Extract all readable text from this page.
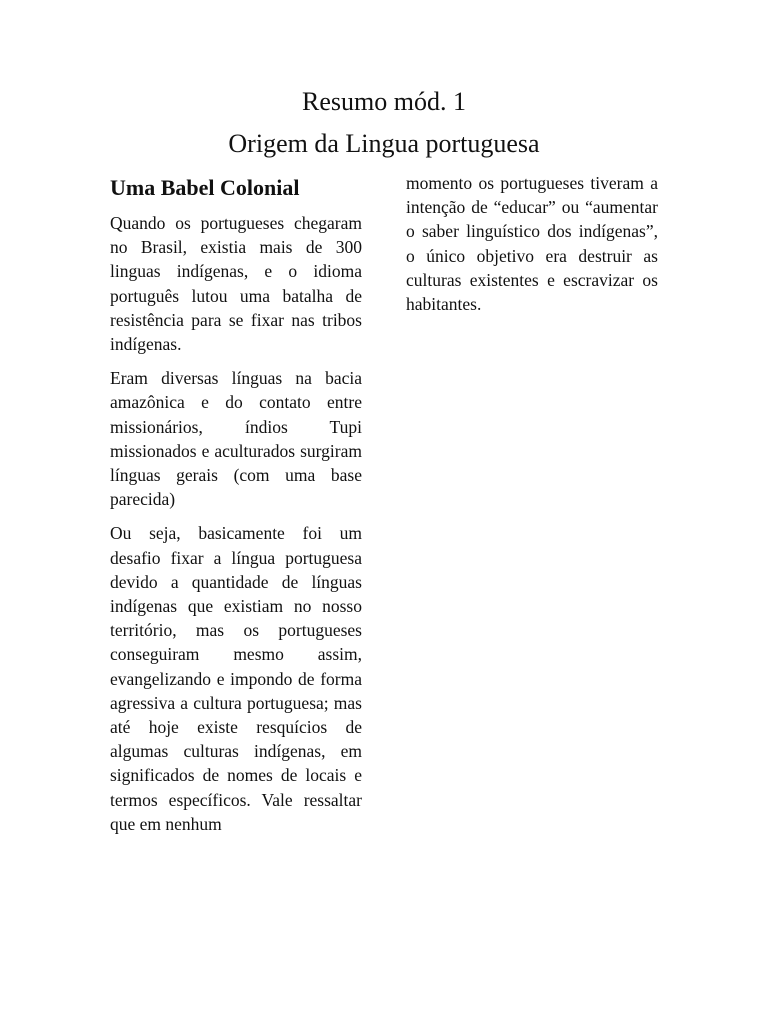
Resumo mód. 1
Origem da Lingua portuguesa
Uma Babel Colonial

Quando os portugueses chegaram no Brasil, existia mais de 300 linguas indígenas, e o idioma português lutou uma batalha de resistência para se fixar nas tribos indígenas.

Eram diversas línguas na bacia amazônica e do contato entre missionários, índios Tupi missionados e aculturados surgiram línguas gerais (com uma base parecida)

Ou seja, basicamente foi um desafio fixar a língua portuguesa devido a quantidade de línguas indígenas que existiam no nosso território, mas os portugueses conseguiram mesmo assim, evangelizando e impondo de forma agressiva a cultura portuguesa; mas até hoje existe resquícios de algumas culturas indígenas, em significados de nomes de locais e termos específicos. Vale ressaltar que em nenhum

momento os portugueses tiveram a intenção de “educar” ou “aumentar o saber linguístico dos indígenas”, o único objetivo era destruir as culturas existentes e escravizar os habitantes.
